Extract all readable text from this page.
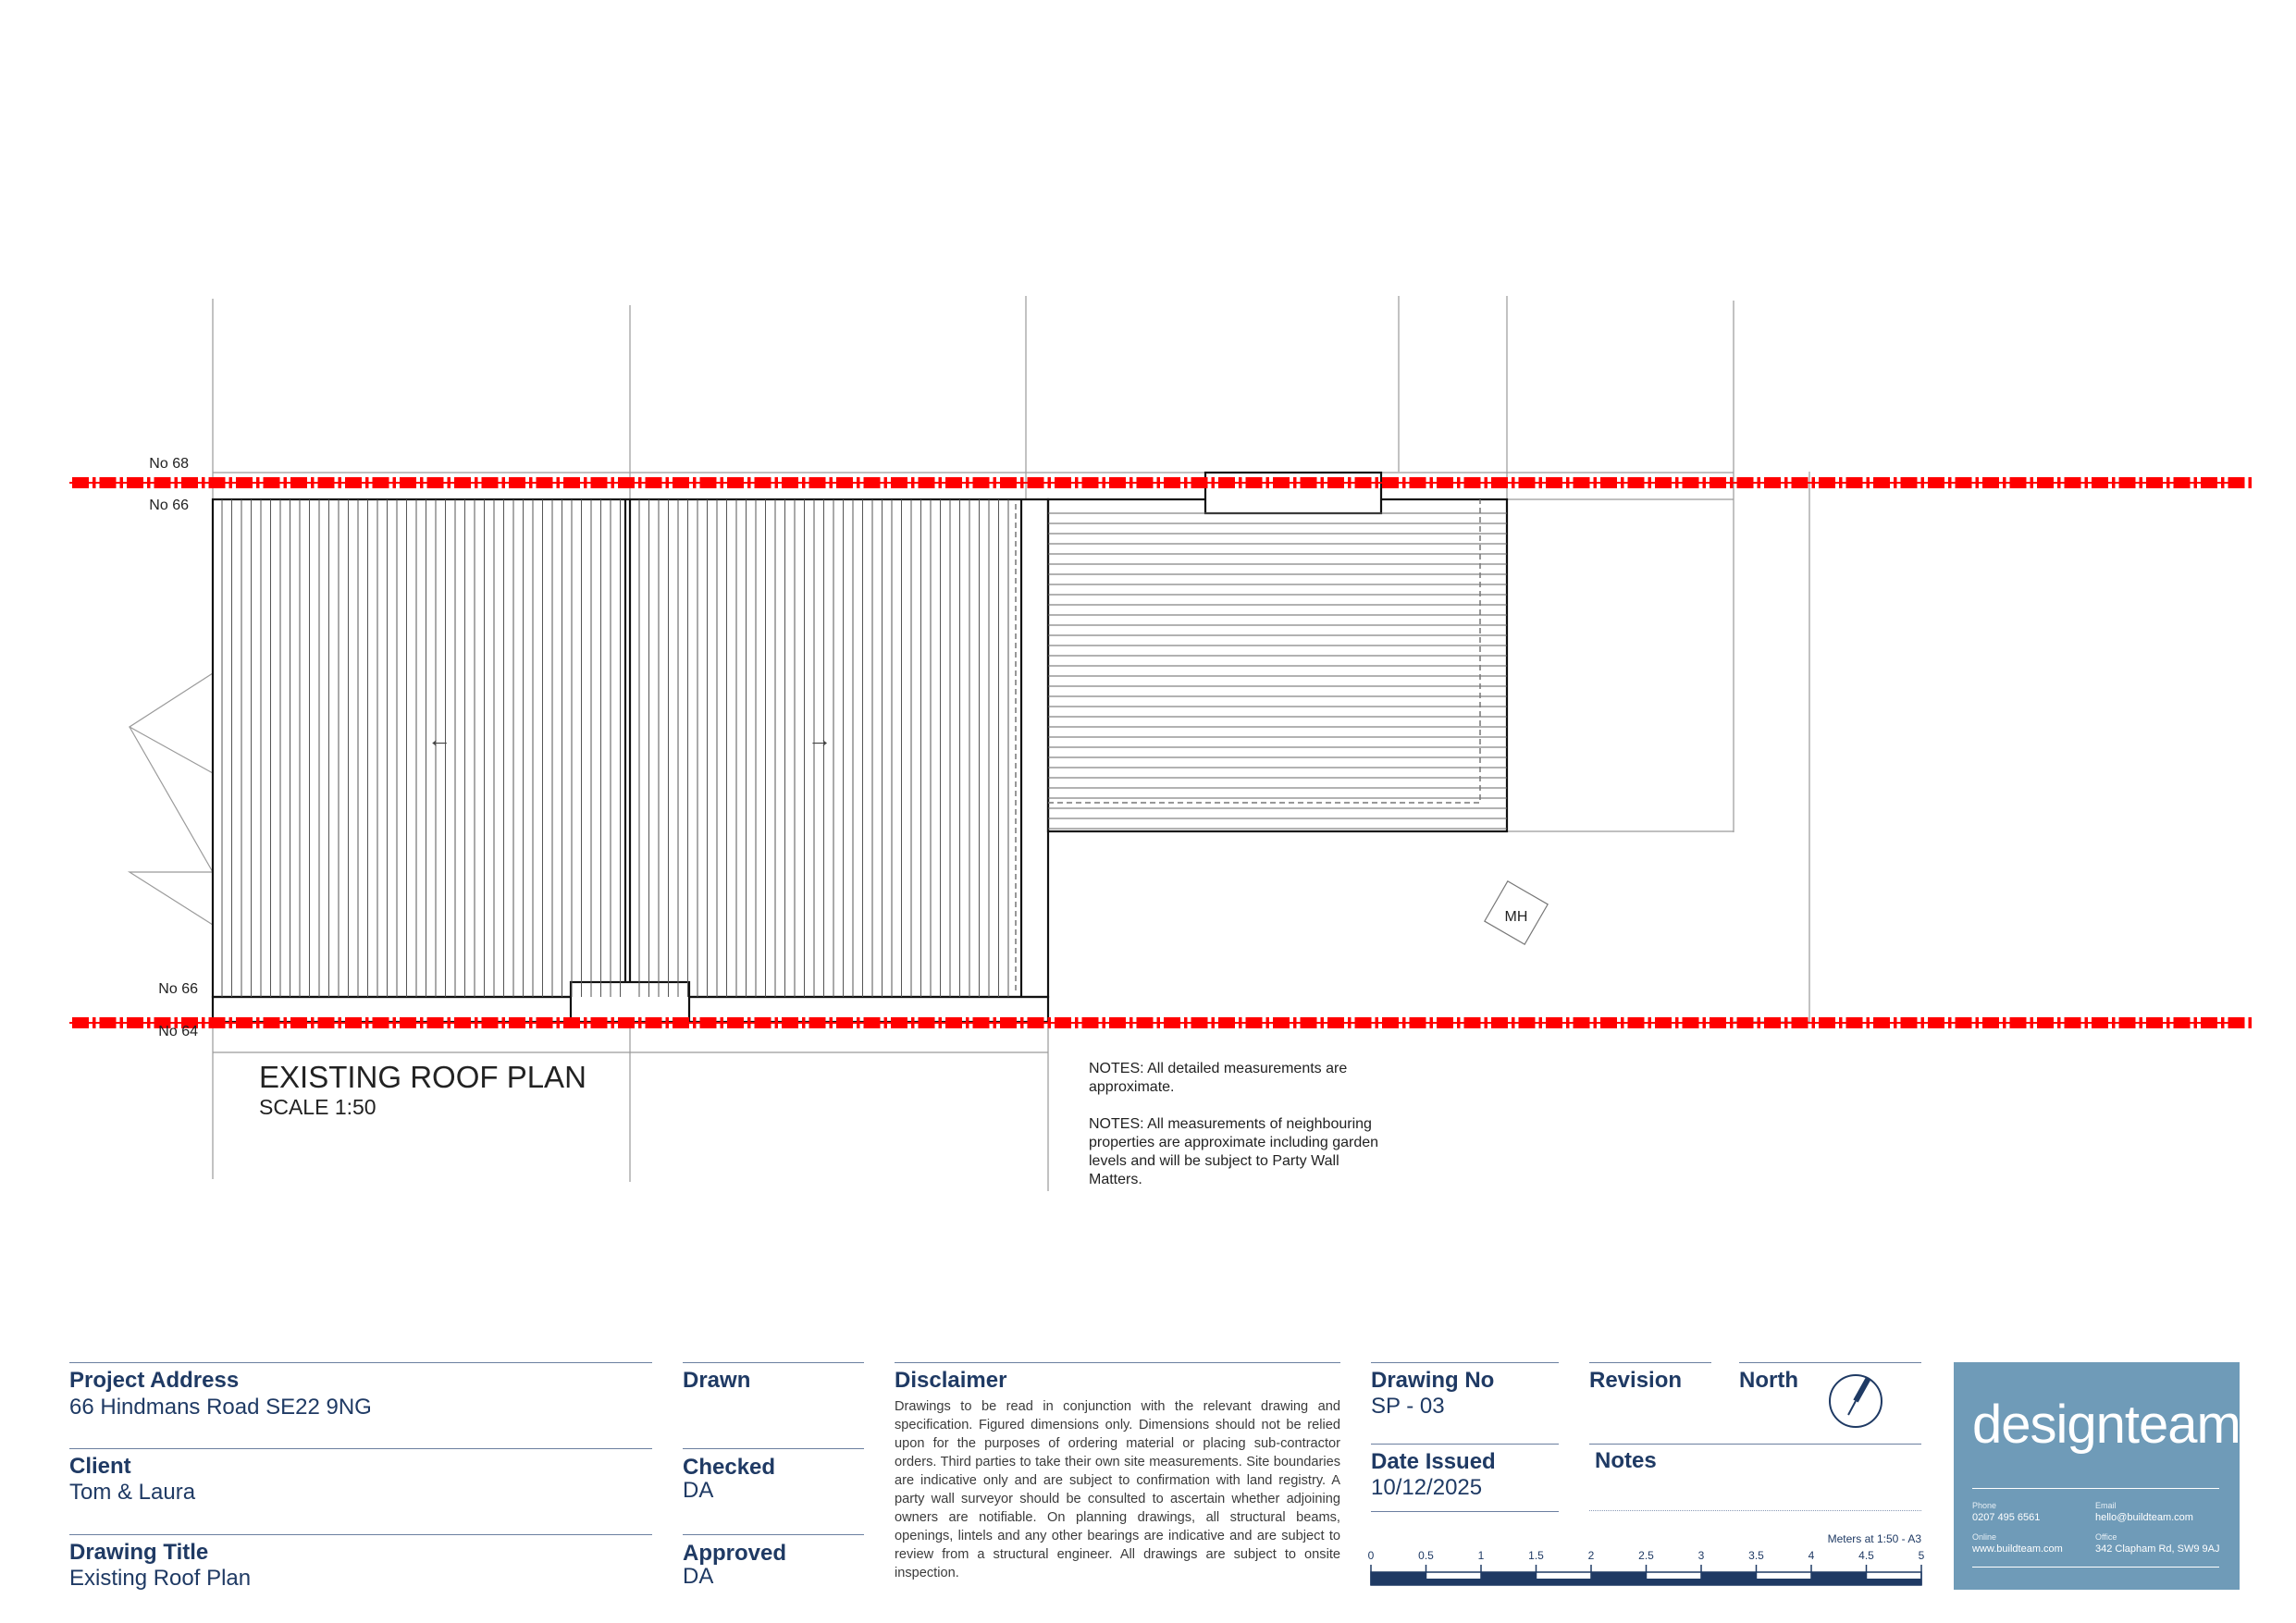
MH
←	→
No 68
No 66
No 66
No 64
EXISTING ROOF PLAN
SCALE 1:50
NOTES: All detailed measurements are
approximate.
NOTES: All measurements of neighbouring
properties are approximate including garden
levels and will be subject to Party Wall
Matters.
Meters at 1:50 - A3
0	0.5	1	1.5	2	2.5	3	3.5	4	4.5	5
Project Address
66 Hindmans Road SE22 9NG
Client
Tom & Laura
Drawing Title
Existing Roof Plan
Drawn
Checked
DA
Approved
DA
Disclaimer
Drawings to be read in conjunction with the relevant drawing and specification. Figured dimensions only. Dimensions should not be relied upon for the purposes of ordering material or placing sub-contractor orders. Third parties to take their own site measurements. Site boundaries are indicative only and are subject to confirmation with land registry. A party wall surveyor should be consulted to ascertain whether adjoining owners are notifiable. On planning drawings, all structural beams, openings, lintels and any other bearings are indicative and are subject to review from a structural engineer. All drawings are subject to onsite inspection.
Drawing No
SP - 03
Date Issued
10/12/2025
Revision	North
Notes
designteam
Phone
0207 495 6561
Email
hello@buildteam.com
Online
www.buildteam.com
Office
342 Clapham Rd, SW9 9AJ
